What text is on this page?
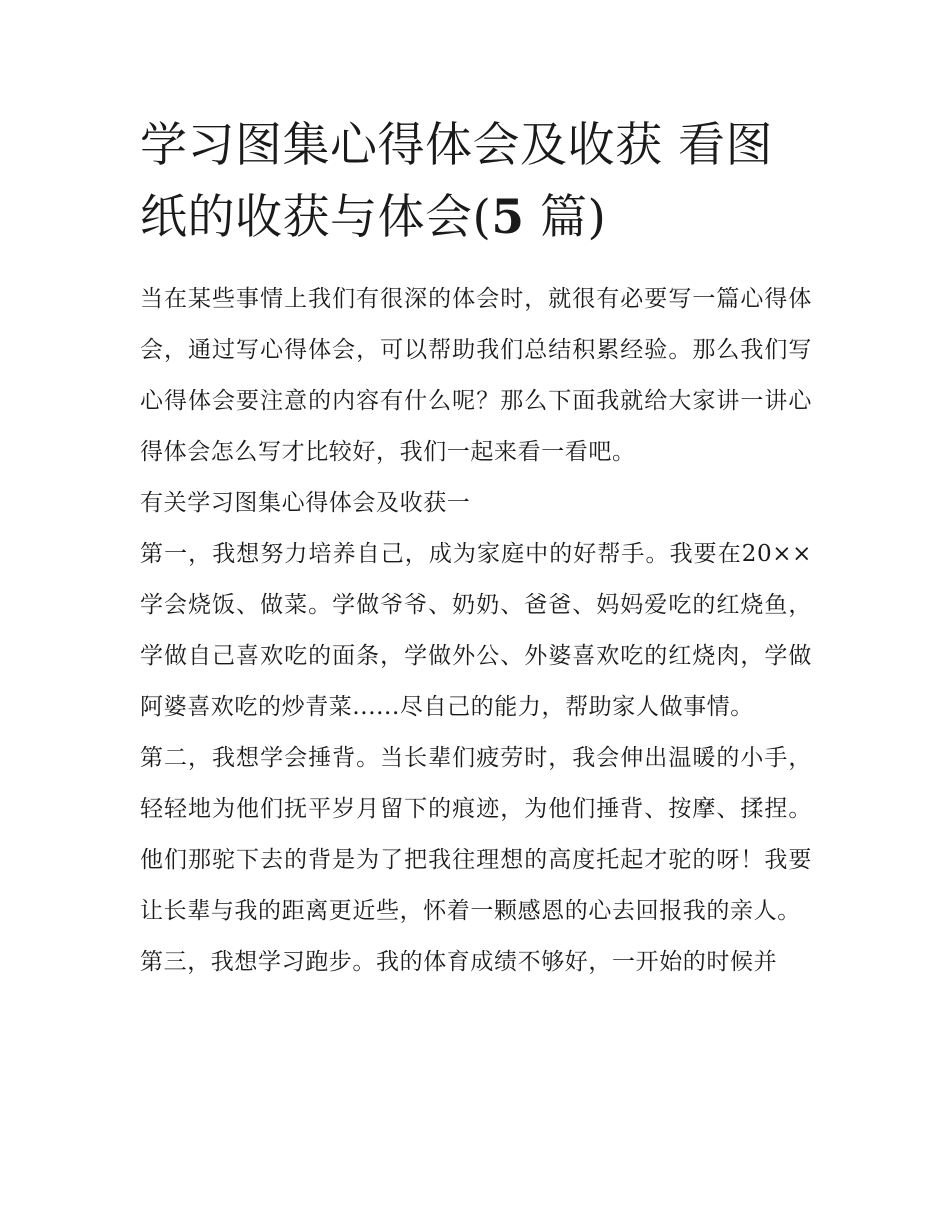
学习图集心得体会及收获 看图纸的收获与体会(5 篇)

当在某些事情上我们有很深的体会时，就很有必要写一篇心得体会，通过写心得体会，可以帮助我们总结积累经验。那么我们写心得体会要注意的内容有什么呢？那么下面我就给大家讲一讲心得体会怎么写才比较好，我们一起来看一看吧。

有关学习图集心得体会及收获一

第一，我想努力培养自己，成为家庭中的好帮手。我要在20××学会烧饭、做菜。学做爷爷、奶奶、爸爸、妈妈爱吃的红烧鱼，学做自己喜欢吃的面条，学做外公、外婆喜欢吃的红烧肉，学做阿婆喜欢吃的炒青菜......尽自己的能力，帮助家人做事情。

第二，我想学会捶背。当长辈们疲劳时，我会伸出温暖的小手，轻轻地为他们抚平岁月留下的痕迹，为他们捶背、按摩、揉捏。他们那驼下去的背是为了把我往理想的高度托起才驼的呀！我要让长辈与我的距离更近些，怀着一颗感恩的心去回报我的亲人。

第三，我想学习跑步。我的体育成绩不够好，一开始的时候并
